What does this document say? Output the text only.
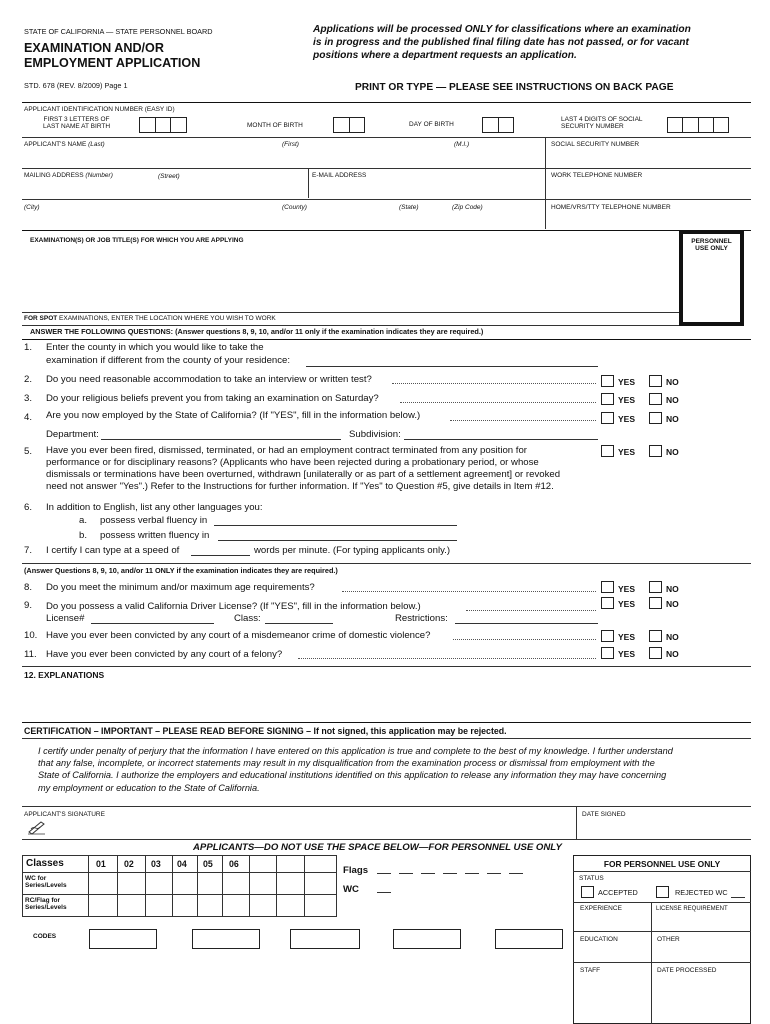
STATE OF CALIFORNIA — STATE PERSONNEL BOARD
EXAMINATION AND/OR
EMPLOYMENT APPLICATION
STD. 678 (REV. 8/2009) Page 1
Applications will be processed ONLY for classifications where an examination
is in progress and the published final filing date has not passed, or for vacant
positions where a department requests an application.
PRINT OR TYPE — PLEASE SEE INSTRUCTIONS ON BACK PAGE
APPLICANT IDENTIFICATION NUMBER (EASY ID)
FIRST 3 LETTERS OF
LAST NAME AT BIRTH	MONTH OF BIRTH	DAY OF BIRTH
LAST 4 DIGITS OF SOCIAL
SECURITY NUMBER
APPLICANT'S NAME (Last)	(First)	(M.I.)	SOCIAL SECURITY NUMBER
MAILING ADDRESS (Number)	(Street)	E-MAIL ADDRESS	WORK TELEPHONE NUMBER
(City)	(County)	(State)	(Zip Code)	HOME/VRS/TTY TELEPHONE NUMBER
EXAMINATION(S) OR JOB TITLE(S) FOR WHICH YOU ARE APPLYING	PERSONNEL
USE ONLY
FOR SPOT EXAMINATIONS, ENTER THE LOCATION WHERE YOU WISH TO WORK
ANSWER THE FOLLOWING QUESTIONS: (Answer questions 8, 9, 10, and/or 11 only if the examination indicates they are required.)
1. Enter the county in which you would like to take the
examination if different from the county of your residence:
2. Do you need reasonable accommodation to take an interview or written test?	YES	NO
3. Do your religious beliefs prevent you from taking an examination on Saturday?	YES	NO
4. Are you now employed by the State of California? (If "YES", fill in the information below.)	YES	NO
Department:	Subdivision:
5. Have you ever been fired, dismissed, terminated, or had an employment contract terminated from any position for
performance or for disciplinary reasons? (Applicants who have been rejected during a probationary period, or whose
dismissals or terminations have been overturned, withdrawn [unilaterally or as part of a settlement agreement] or revoked
need not answer "Yes".) Refer to the Instructions for further information. If "Yes" to Question #5, give details in Item #12.
YES	NO
6. In addition to English, list any other languages you:
a. possess verbal fluency in
b. possess written fluency in
7. I certify I can type at a speed of	words per minute. (For typing applicants only.)
(Answer Questions 8, 9, 10, and/or 11 ONLY if the examination indicates they are required.)
8. Do you meet the minimum and/or maximum age requirements?	YES	NO
9. Do you possess a valid California Driver License? (If "YES", fill in the information below.)	YES	NO
License#	Class:	Restrictions:
10. Have you ever been convicted by any court of a misdemeanor crime of domestic violence?	YES	NO
11. Have you ever been convicted by any court of a felony?	YES	NO
12. EXPLANATIONS
CERTIFICATION – IMPORTANT – PLEASE READ BEFORE SIGNING – If not signed, this application may be rejected.
I certify under penalty of perjury that the information I have entered on this application is true and complete to the best of my knowledge. I further understand
that any false, incomplete, or incorrect statements may result in my disqualification from the examination process or dismissal from employment with the
State of California. I authorize the employers and educational institutions identified on this application to release any information they may have concerning
my employment or education to the State of California.
APPLICANT'S SIGNATURE	DATE SIGNED
APPLICANTS—DO NOT USE THE SPACE BELOW—FOR PERSONNEL USE ONLY
Classes	01 02 03 04 05 06
WC for
Series/Levels
RC/Flag for
Series/Levels
CODES
Flags
WC
FOR PERSONNEL USE ONLY
STATUS
ACCEPTED	REJECTED WC
EXPERIENCE	LICENSE REQUIREMENT
EDUCATION	OTHER
STAFF	DATE PROCESSED
